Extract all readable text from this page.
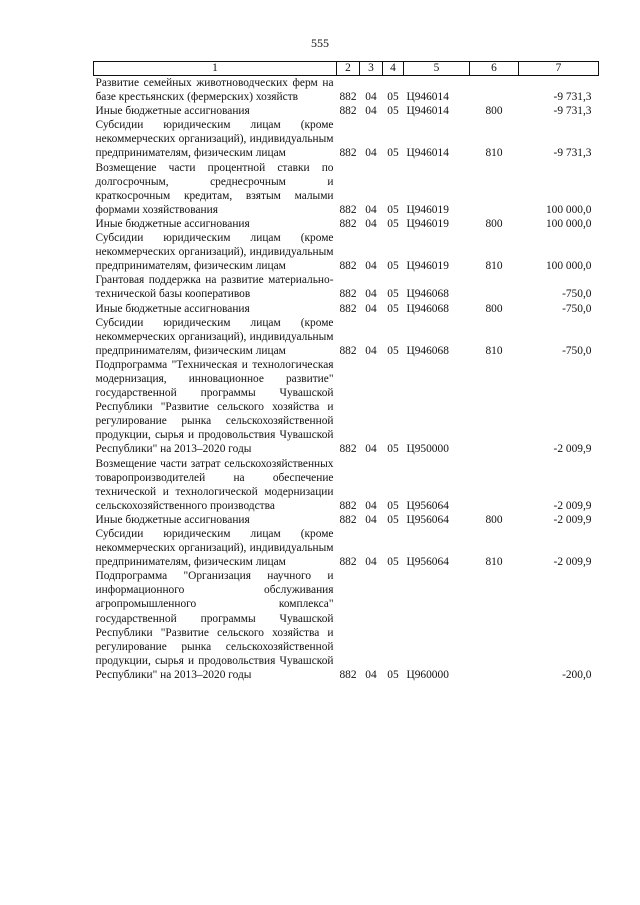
555
1	2	3	4	5	6	7
Развитие семейных животноводческих ферм на базе крестьянских (фермерских) хозяйств	882	04	05	Ц946014		-9 731,3
Иные бюджетные ассигнования	882	04	05	Ц946014	800	-9 731,3
Субсидии юридическим лицам (кроме некоммерческих организаций), индивидуальным предпринимателям, физическим лицам	882	04	05	Ц946014	810	-9 731,3
Возмещение части процентной ставки по долгосрочным, среднесрочным и краткосрочным кредитам, взятым малыми формами хозяйствования	882	04	05	Ц946019		100 000,0
Иные бюджетные ассигнования	882	04	05	Ц946019	800	100 000,0
Субсидии юридическим лицам (кроме некоммерческих организаций), индивидуальным предпринимателям, физическим лицам	882	04	05	Ц946019	810	100 000,0
Грантовая поддержка на развитие материально-технической базы кооперативов	882	04	05	Ц946068		-750,0
Иные бюджетные ассигнования	882	04	05	Ц946068	800	-750,0
Субсидии юридическим лицам (кроме некоммерческих организаций), индивидуальным предпринимателям, физическим лицам	882	04	05	Ц946068	810	-750,0
Подпрограмма "Техническая и технологическая модернизация, инновационное развитие" государственной программы Чувашской Республики "Развитие сельского хозяйства и регулирование рынка сельскохозяйственной продукции, сырья и продовольствия Чувашской Республики" на 2013–2020 годы	882	04	05	Ц950000		-2 009,9
Возмещение части затрат сельскохозяйственных товаропроизводителей на обеспечение технической и технологической модернизации сельскохозяйственного производства	882	04	05	Ц956064		-2 009,9
Иные бюджетные ассигнования	882	04	05	Ц956064	800	-2 009,9
Субсидии юридическим лицам (кроме некоммерческих организаций), индивидуальным предпринимателям, физическим лицам	882	04	05	Ц956064	810	-2 009,9
Подпрограмма "Организация научного и информационного обслуживания агропромышленного комплекса" государственной программы Чувашской Республики "Развитие сельского хозяйства и регулирование рынка сельскохозяйственной продукции, сырья и продовольствия Чувашской Республики" на 2013–2020 годы	882	04	05	Ц960000		-200,0
